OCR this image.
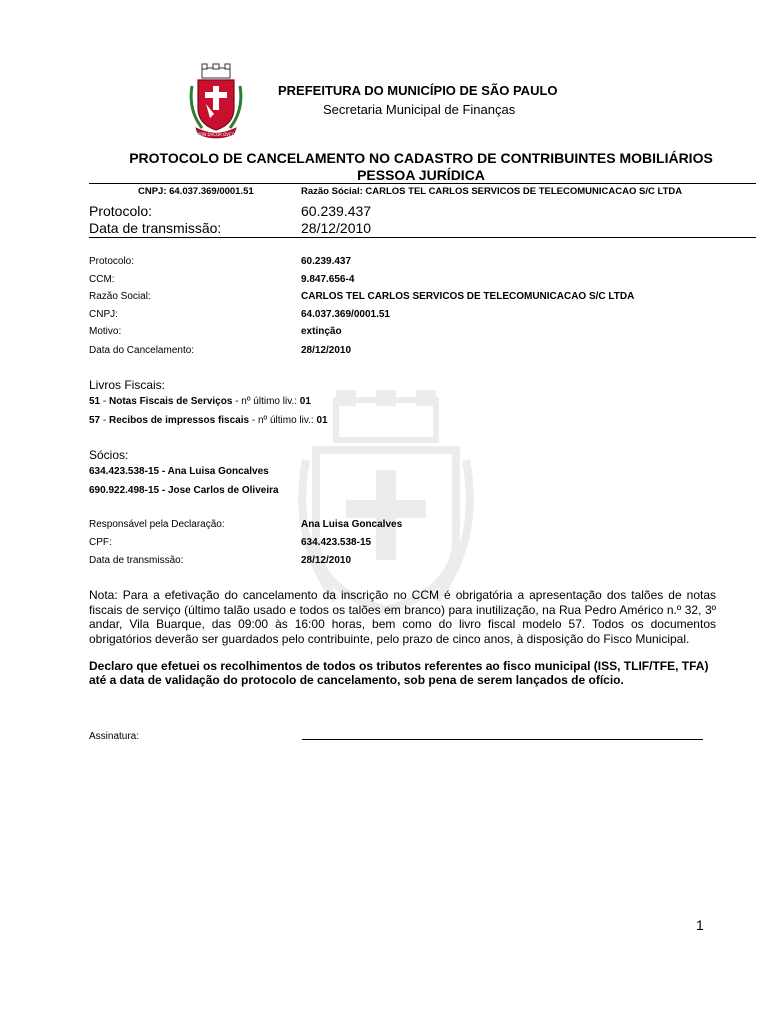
NON DVCOR DVCO
PREFEITURA DO MUNICÍPIO DE SÃO PAULO
Secretaria Municipal de Finanças
PROTOCOLO DE CANCELAMENTO NO CADASTRO DE CONTRIBUINTES MOBILIÁRIOS
PESSOA JURÍDICA
CNPJ: 64.037.369/0001.51	Razão Sócial: CARLOS TEL CARLOS SERVICOS DE TELECOMUNICACAO S/C LTDA
Protocolo:	60.239.437
Data de transmissão:	28/12/2010
Protocolo:	60.239.437
CCM:	9.847.656-4
Razão Social:	CARLOS TEL CARLOS SERVICOS DE TELECOMUNICACAO S/C LTDA
CNPJ:	64.037.369/0001.51
Motivo:	extinção
Data do Cancelamento:	28/12/2010
Livros Fiscais:
51 - Notas Fiscais de Serviços - nº último liv.: 01
57 - Recibos de impressos fiscais - nº último liv.: 01
Sócios:
634.423.538-15 - Ana Luisa Goncalves
690.922.498-15 - Jose Carlos de Oliveira
Responsável pela Declaração:	Ana Luisa Goncalves
CPF:	634.423.538-15
Data de transmissão:	28/12/2010
Nota: Para a efetivação do cancelamento da inscrição no CCM é obrigatória a apresentação dos talões de notas fiscais de serviço (último talão usado e todos os talões em branco) para inutilização, na Rua Pedro Américo n.º 32, 3º andar, Vila Buarque, das 09:00 às 16:00 horas, bem como do livro fiscal modelo 57. Todos os documentos obrigatórios deverão ser guardados pelo contribuinte, pelo prazo de cinco anos, à disposição do Fisco Municipal.
Declaro que efetuei os recolhimentos de todos os tributos referentes ao fisco municipal (ISS, TLIF/TFE, TFA) até a data de validação do protocolo de cancelamento, sob pena de serem lançados de ofício.
Assinatura:
1
